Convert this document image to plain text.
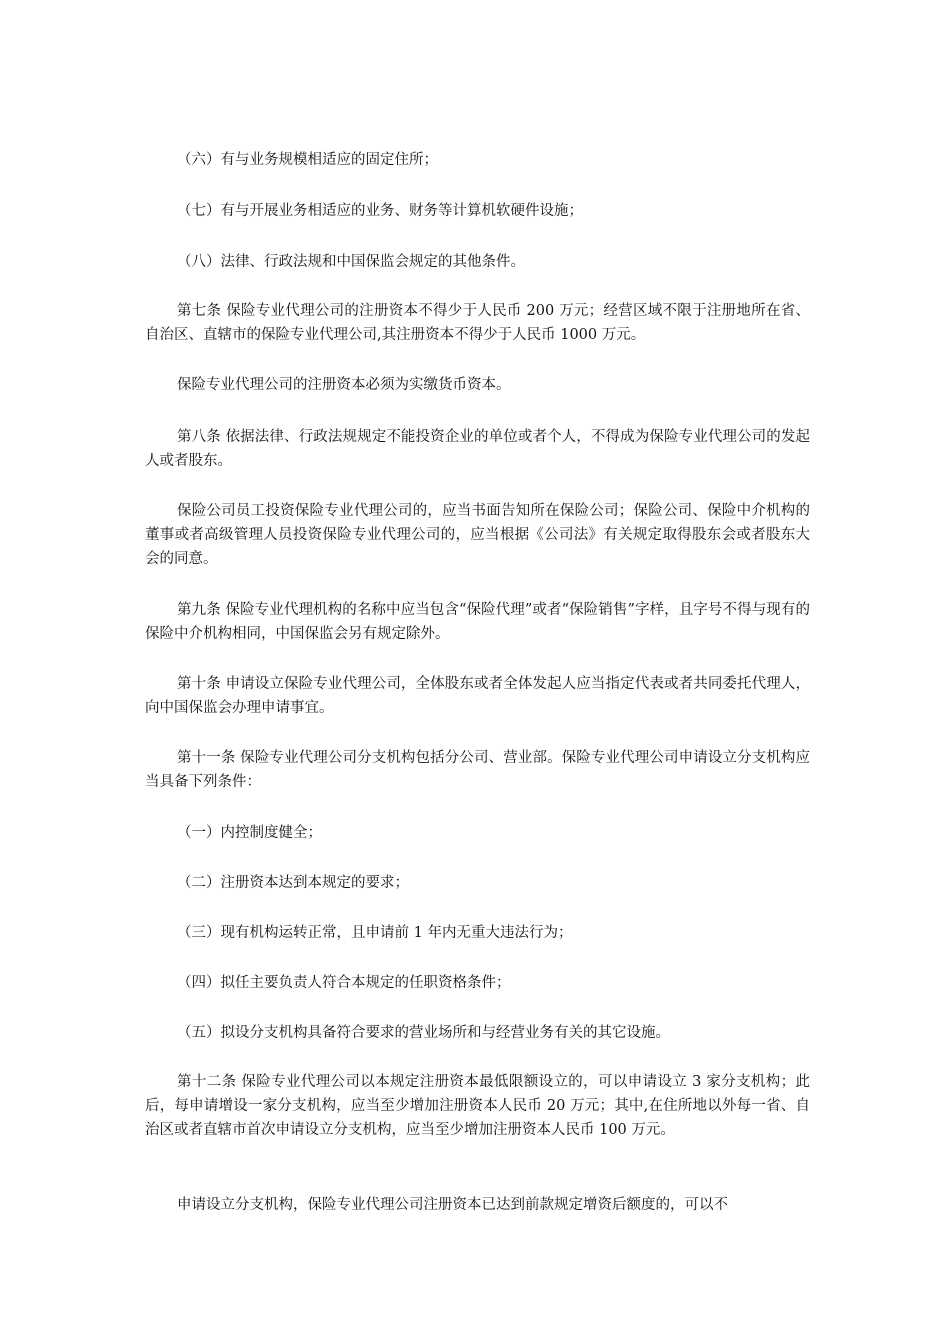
（六）有与业务规模相适应的固定住所；

（七）有与开展业务相适应的业务、财务等计算机软硬件设施；

（八）法律、行政法规和中国保监会规定的其他条件。

第七条 保险专业代理公司的注册资本不得少于人民币 200 万元；经营区域不限于注册地所在省、自治区、直辖市的保险专业代理公司,其注册资本不得少于人民币 1000 万元。

保险专业代理公司的注册资本必须为实缴货币资本。

第八条 依据法律、行政法规规定不能投资企业的单位或者个人，不得成为保险专业代理公司的发起人或者股东。

保险公司员工投资保险专业代理公司的，应当书面告知所在保险公司；保险公司、保险中介机构的董事或者高级管理人员投资保险专业代理公司的，应当根据《公司法》有关规定取得股东会或者股东大会的同意。

第九条 保险专业代理机构的名称中应当包含“保险代理”或者“保险销售”字样，且字号不得与现有的保险中介机构相同，中国保监会另有规定除外。

第十条 申请设立保险专业代理公司，全体股东或者全体发起人应当指定代表或者共同委托代理人，向中国保监会办理申请事宜。

第十一条 保险专业代理公司分支机构包括分公司、营业部。保险专业代理公司申请设立分支机构应当具备下列条件：

（一）内控制度健全；

（二）注册资本达到本规定的要求；

（三）现有机构运转正常，且申请前 1 年内无重大违法行为；

（四）拟任主要负责人符合本规定的任职资格条件；

（五）拟设分支机构具备符合要求的营业场所和与经营业务有关的其它设施。

第十二条 保险专业代理公司以本规定注册资本最低限额设立的，可以申请设立 3 家分支机构；此后，每申请增设一家分支机构，应当至少增加注册资本人民币 20 万元；其中,在住所地以外每一省、自治区或者直辖市首次申请设立分支机构，应当至少增加注册资本人民币 100 万元。

申请设立分支机构，保险专业代理公司注册资本已达到前款规定增资后额度的，可以不
